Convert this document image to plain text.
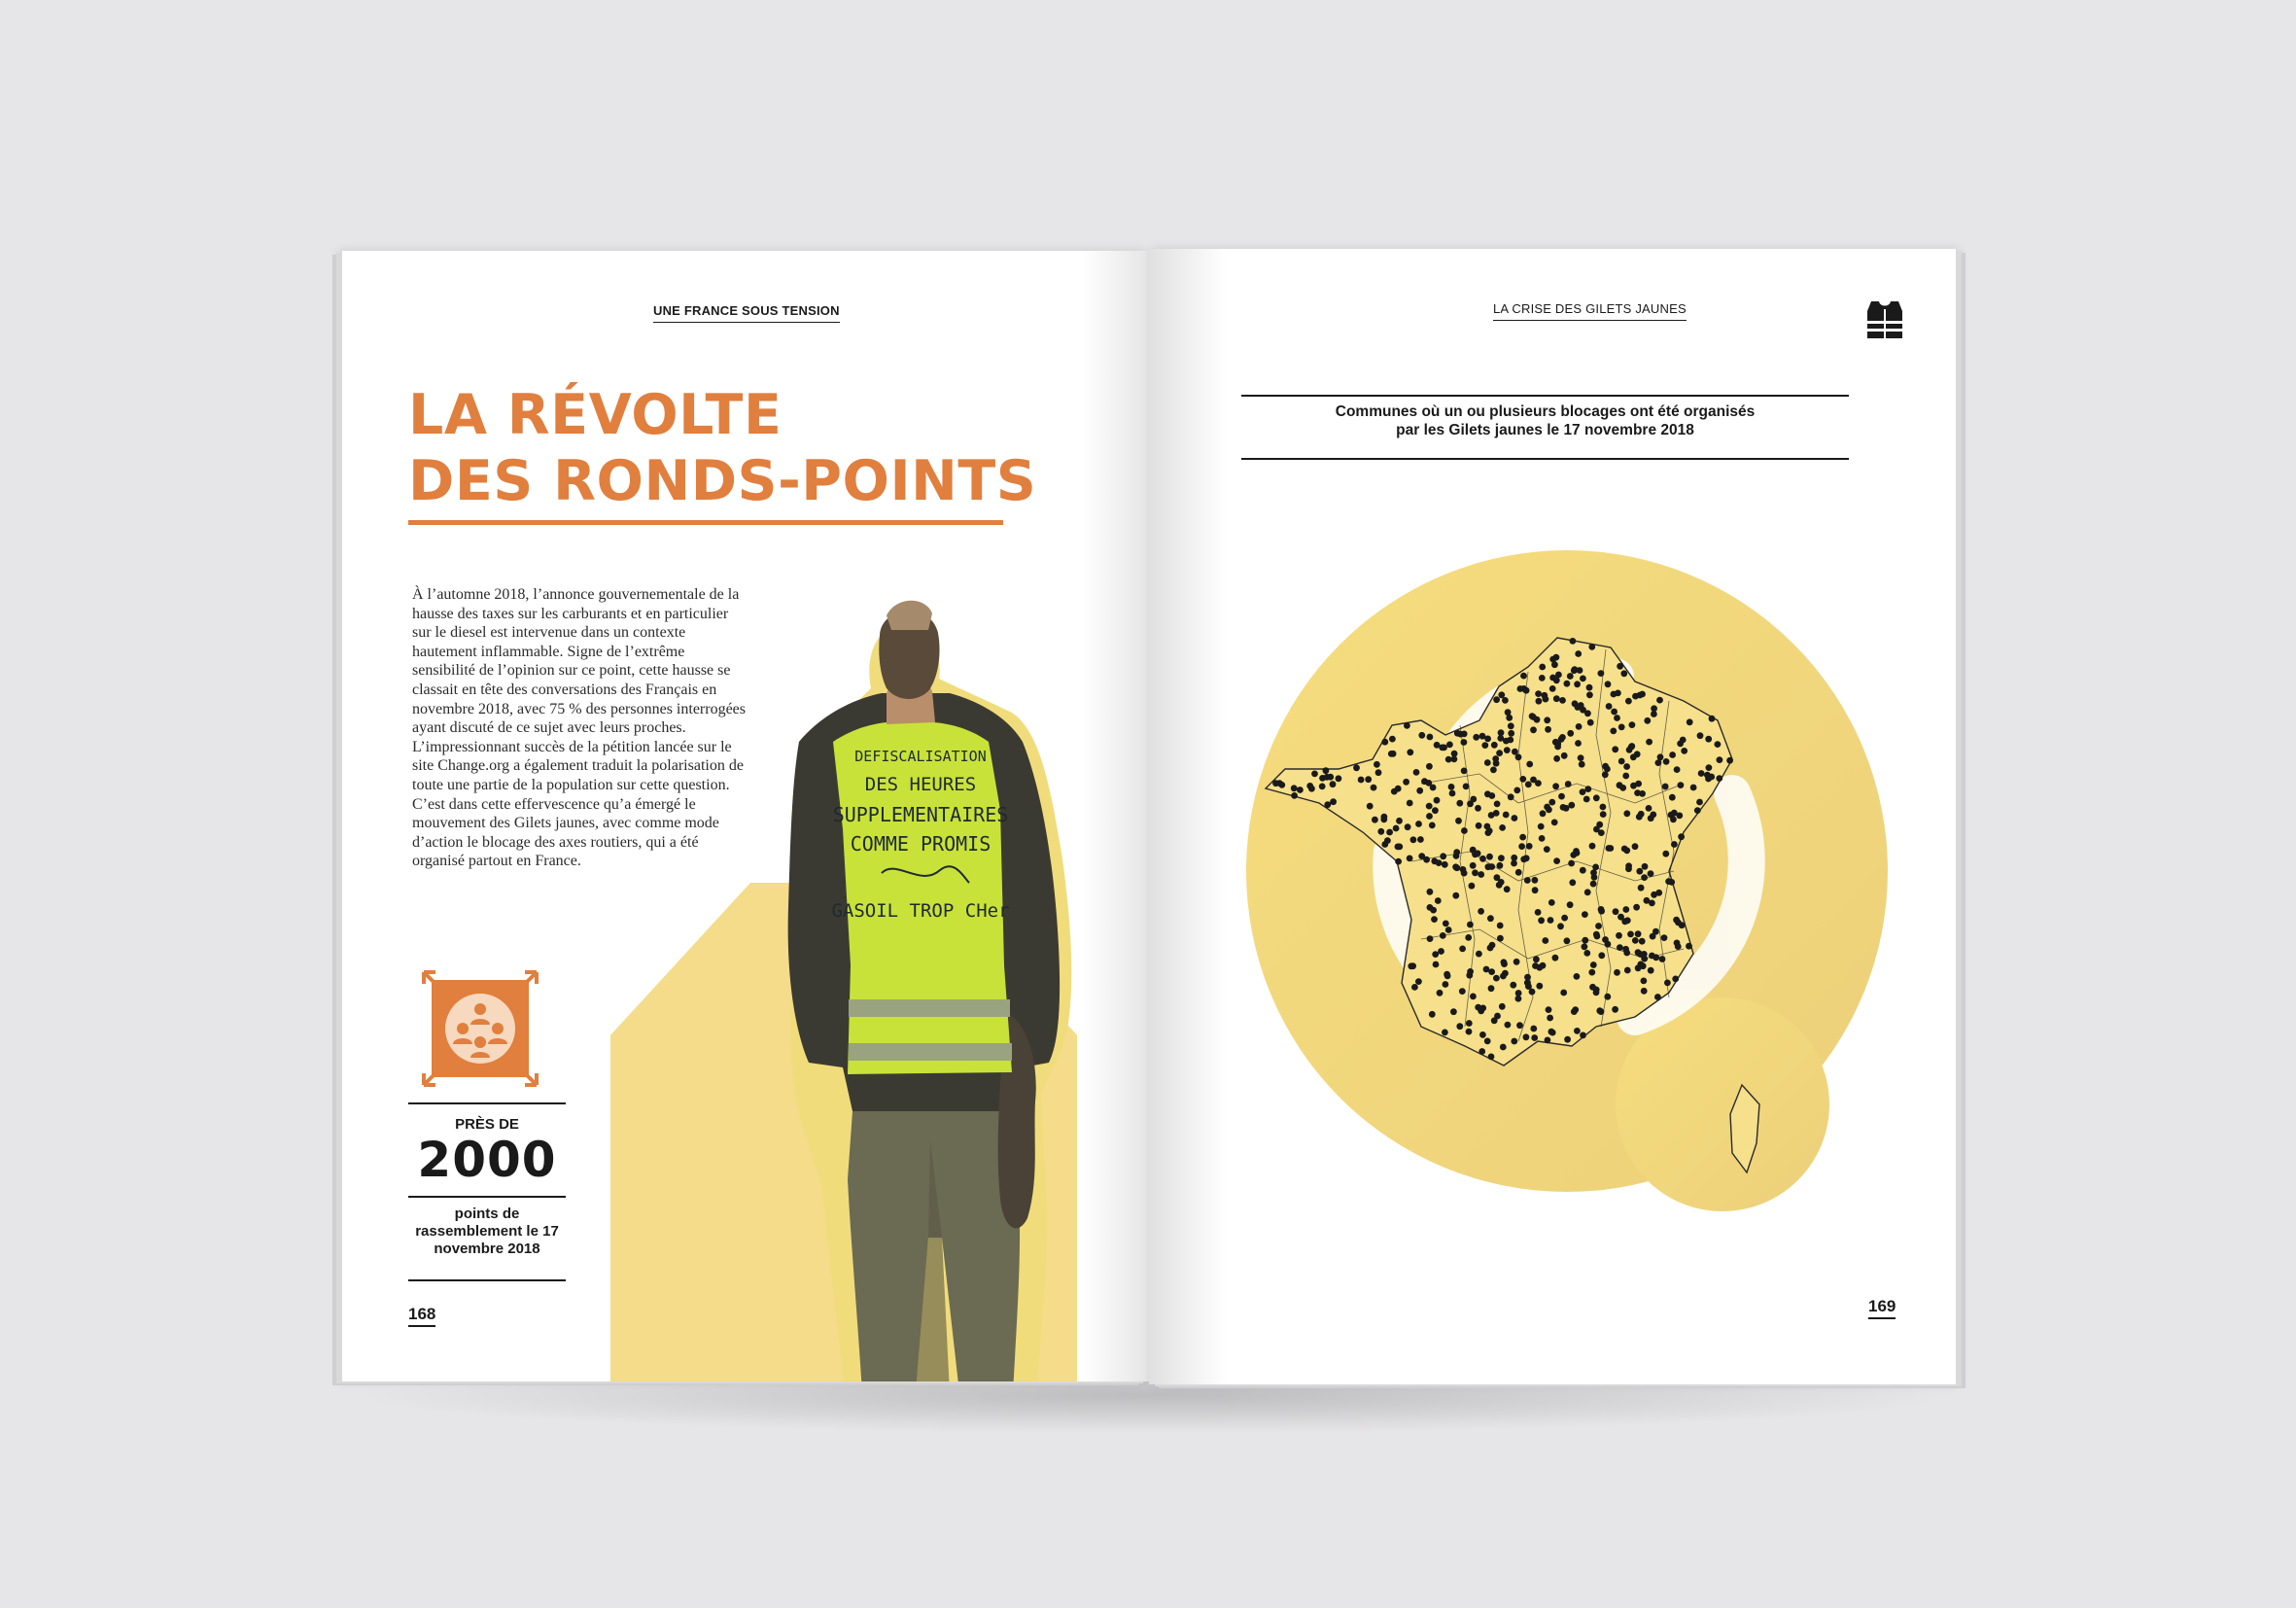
UNE FRANCE SOUS TENSION
LA RÉVOLTE
DES RONDS-POINTS

À l’automne 2018, l’annonce gouvernementale de la hausse des taxes sur les carburants et en particulier sur le diesel est intervenue dans un contexte hautement inflammable. Signe de l’extrême sensibilité de l’opinion sur ce point, cette hausse se classait en tête des conversations des Français en novembre 2018, avec 75 % des personnes interrogées ayant discuté de ce sujet avec leurs proches. L’impressionnant succès de la pétition lancée sur le site Change.org a également traduit la polarisation de toute une partie de la population sur cette question. C’est dans cette effervescence qu’a émergé le mouvement des Gilets jaunes, avec comme mode d’action le blocage des axes routiers, qui a été organisé partout en France.

DEFISCALISATION
DES HEURES
SUPPLEMENTAIRES
COMME PROMIS
GASOIL TROP CHer
PRÈS DE
2000

points de rassemblement le 17 novembre 2018

168
LA CRISE DES GILETS JAUNES

Communes où un ou plusieurs blocages ont été organisés
par les Gilets jaunes le 17 novembre 2018

169
